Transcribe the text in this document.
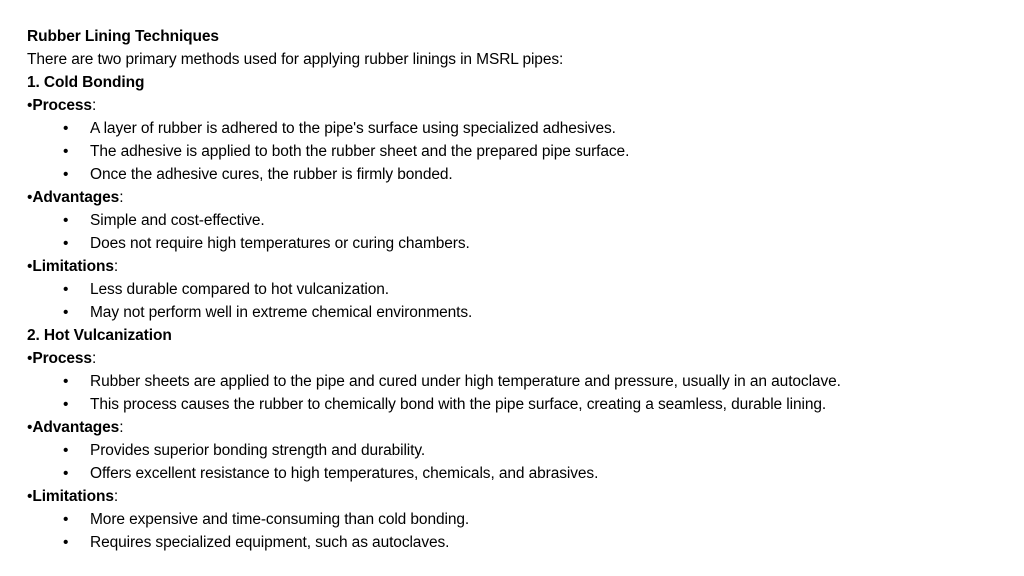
Rubber Lining Techniques
There are two primary methods used for applying rubber linings in MSRL pipes:
1. Cold Bonding
•Process:
•	A layer of rubber is adhered to the pipe's surface using specialized adhesives.
•	The adhesive is applied to both the rubber sheet and the prepared pipe surface.
•	Once the adhesive cures, the rubber is firmly bonded.
•Advantages:
•	Simple and cost-effective.
•	Does not require high temperatures or curing chambers.
•Limitations:
•	Less durable compared to hot vulcanization.
•	May not perform well in extreme chemical environments.
2. Hot Vulcanization
•Process:
•	Rubber sheets are applied to the pipe and cured under high temperature and pressure, usually in an autoclave.
•	This process causes the rubber to chemically bond with the pipe surface, creating a seamless, durable lining.
•Advantages:
•	Provides superior bonding strength and durability.
•	Offers excellent resistance to high temperatures, chemicals, and abrasives.
•Limitations:
•	More expensive and time-consuming than cold bonding.
•	Requires specialized equipment, such as autoclaves.
